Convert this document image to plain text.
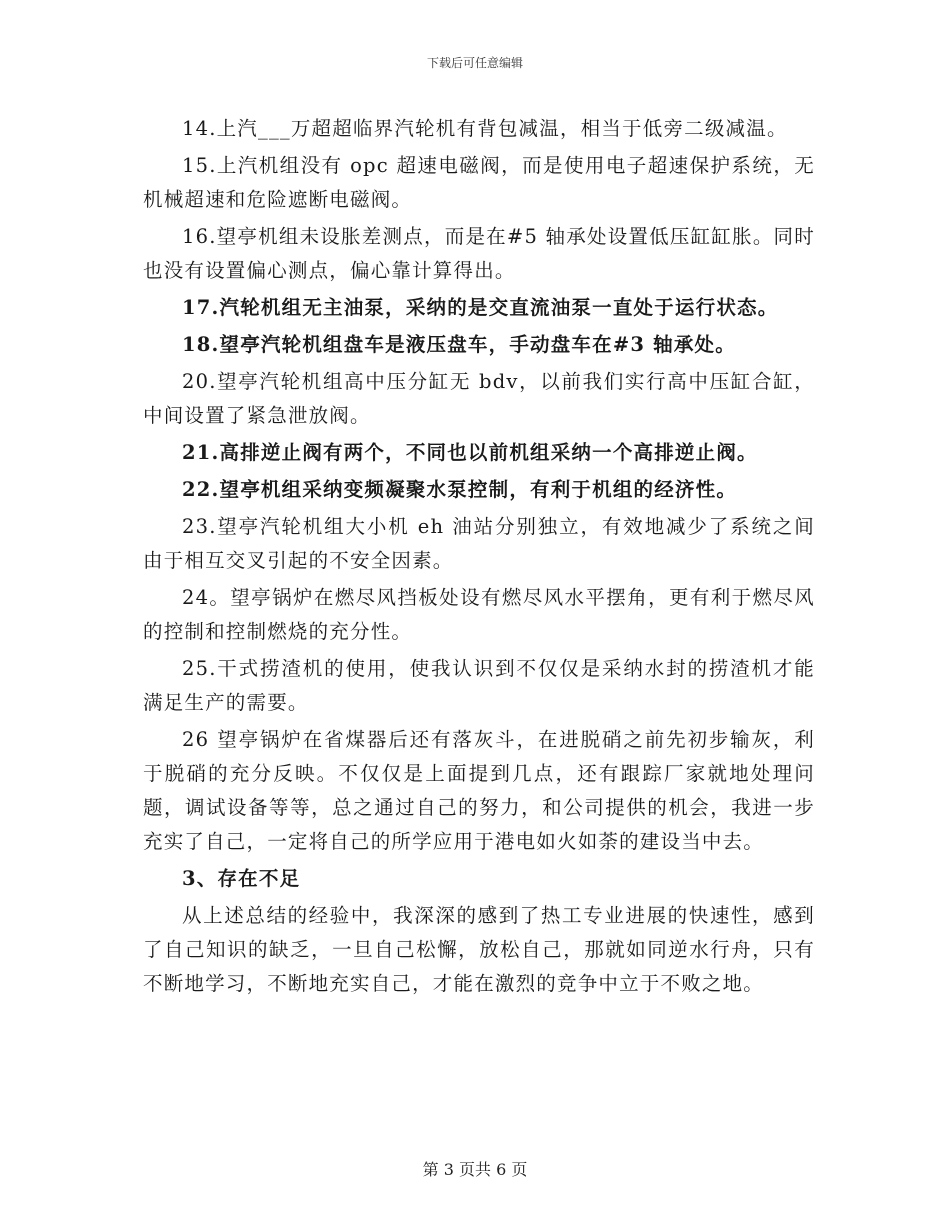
下载后可任意编辑

14.上汽___万超超临界汽轮机有背包减温，相当于低旁二级减温。

15.上汽机组没有 opc 超速电磁阀，而是使用电子超速保护系统，无机械超速和危险遮断电磁阀。

16.望亭机组未设胀差测点，而是在#5 轴承处设置低压缸缸胀。同时也没有设置偏心测点，偏心靠计算得出。

17.汽轮机组无主油泵，采纳的是交直流油泵一直处于运行状态。

18.望亭汽轮机组盘车是液压盘车，手动盘车在#3 轴承处。

20.望亭汽轮机组高中压分缸无 bdv，以前我们实行高中压缸合缸，中间设置了紧急泄放阀。

21.高排逆止阀有两个，不同也以前机组采纳一个高排逆止阀。

22.望亭机组采纳变频凝聚水泵控制，有利于机组的经济性。

23.望亭汽轮机组大小机 eh 油站分别独立，有效地减少了系统之间由于相互交叉引起的不安全因素。

24。望亭锅炉在燃尽风挡板处设有燃尽风水平摆角，更有利于燃尽风的控制和控制燃烧的充分性。

25.干式捞渣机的使用，使我认识到不仅仅是采纳水封的捞渣机才能满足生产的需要。

26 望亭锅炉在省煤器后还有落灰斗，在进脱硝之前先初步输灰，利于脱硝的充分反映。不仅仅是上面提到几点，还有跟踪厂家就地处理问题，调试设备等等，总之通过自己的努力，和公司提供的机会，我进一步充实了自己，一定将自己的所学应用于港电如火如荼的建设当中去。

3、存在不足

从上述总结的经验中，我深深的感到了热工专业进展的快速性，感到了自己知识的缺乏，一旦自己松懈，放松自己，那就如同逆水行舟，只有不断地学习，不断地充实自己，才能在激烈的竞争中立于不败之地。

第 3 页共 6 页
